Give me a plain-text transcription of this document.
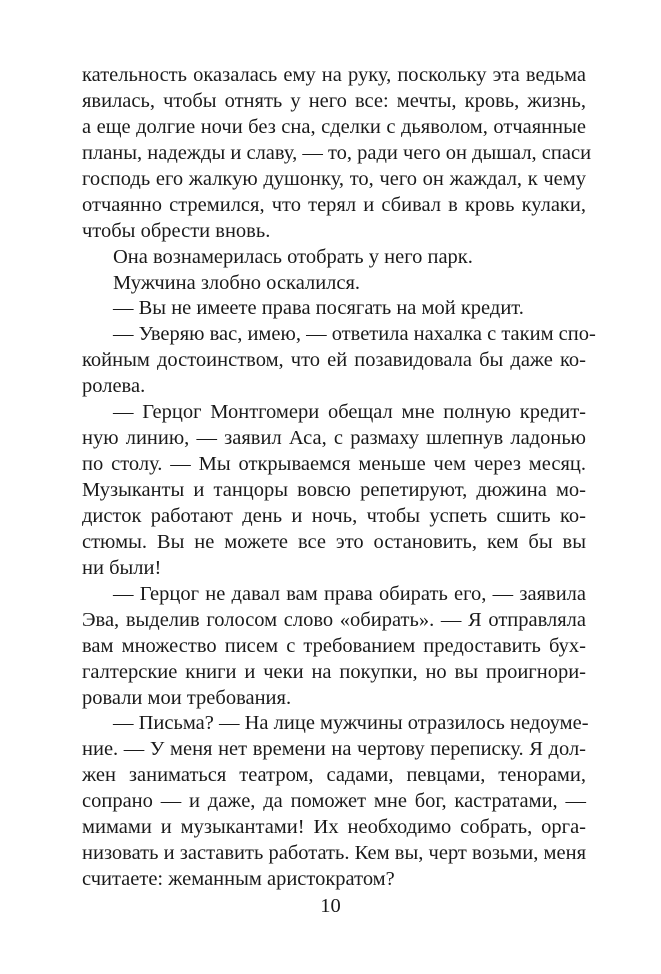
кательность оказалась ему на руку, поскольку эта ведьма
явилась, чтобы отнять у него все: мечты, кровь, жизнь,
а еще долгие ночи без сна, сделки с дьяволом, отчаянные
планы, надежды и славу, — то, ради чего он дышал, спаси
господь его жалкую душонку, то, чего он жаждал, к чему
отчаянно стремился, что терял и сбивал в кровь кулаки,
чтобы обрести вновь.
Она вознамерилась отобрать у него парк.
Мужчина злобно оскалился.
— Вы не имеете права посягать на мой кредит.
— Уверяю вас, имею, — ответила нахалка с таким спо-
койным достоинством, что ей позавидовала бы даже ко-
ролева.
— Герцог Монтгомери обещал мне полную кредит-
ную линию, — заявил Аса, с размаху шлепнув ладонью
по столу. — Мы открываемся меньше чем через месяц.
Музыканты и танцоры вовсю репетируют, дюжина мо-
дисток работают день и ночь, чтобы успеть сшить ко-
стюмы. Вы не можете все это остановить, кем бы вы
ни были!
— Герцог не давал вам права обирать его, — заявила
Эва, выделив голосом слово «обирать». — Я отправляла
вам множество писем с требованием предоставить бух-
галтерские книги и чеки на покупки, но вы проигнори-
ровали мои требования.
— Письма? — На лице мужчины отразилось недоуме-
ние. — У меня нет времени на чертову переписку. Я дол-
жен заниматься театром, садами, певцами, тенорами,
сопрано — и даже, да поможет мне бог, кастратами, —
мимами и музыкантами! Их необходимо собрать, орга-
низовать и заставить работать. Кем вы, черт возьми, меня
считаете: жеманным аристократом?
10
